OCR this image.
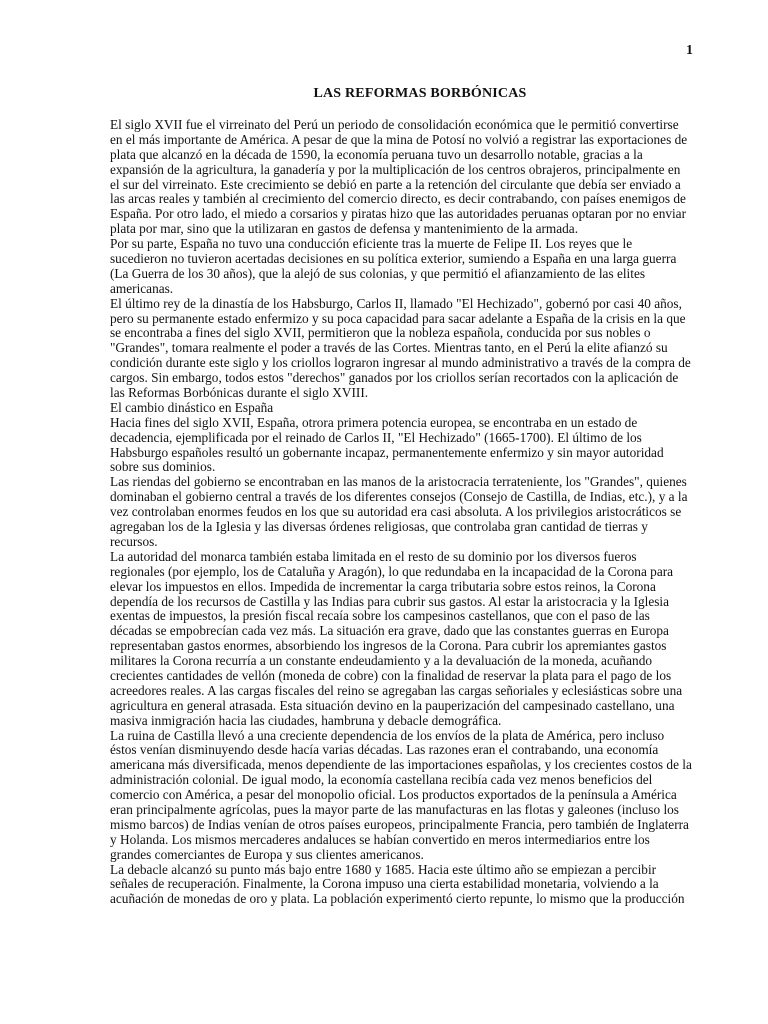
1
LAS REFORMAS BORBÓNICAS
El siglo XVII fue el virreinato del Perú un periodo de consolidación económica que le permitió convertirse
en el más importante de América. A pesar de que la mina de Potosí no volvió a registrar las exportaciones de
plata que alcanzó en la década de 1590, la economía peruana tuvo un desarrollo notable, gracias a la
expansión de la agricultura, la ganadería y por la multiplicación de los centros obrajeros, principalmente en
el sur del virreinato. Este crecimiento se debió en parte a la retención del circulante que debía ser enviado a
las arcas reales y también al crecimiento del comercio directo, es decir contrabando, con países enemigos de
España. Por otro lado, el miedo a corsarios y piratas hizo que las autoridades peruanas optaran por no enviar
plata por mar, sino que la utilizaran en gastos de defensa y mantenimiento de la armada.
Por su parte, España no tuvo una conducción eficiente tras la muerte de Felipe II. Los reyes que le
sucedieron no tuvieron acertadas decisiones en su política exterior, sumiendo a España en una larga guerra
(La Guerra de los 30 años), que la alejó de sus colonias, y que permitió el afianzamiento de las elites
americanas.
El último rey de la dinastía de los Habsburgo, Carlos II, llamado "El Hechizado", gobernó por casi 40 años,
pero su permanente estado enfermizo y su poca capacidad para sacar adelante a España de la crisis en la que
se encontraba a fines del siglo XVII, permitieron que la nobleza española, conducida por sus nobles o
"Grandes", tomara realmente el poder a través de las Cortes. Mientras tanto, en el Perú la elite afianzó su
condición durante este siglo y los criollos lograron ingresar al mundo administrativo a través de la compra de
cargos. Sin embargo, todos estos "derechos" ganados por los criollos serían recortados con la aplicación de
las Reformas Borbónicas durante el siglo XVIII.
El cambio dinástico en España
Hacia fines del siglo XVII, España, otrora primera potencia europea, se encontraba en un estado de
decadencia, ejemplificada por el reinado de Carlos II, "El Hechizado" (1665-1700). El último de los
Habsburgo españoles resultó un gobernante incapaz, permanentemente enfermizo y sin mayor autoridad
sobre sus dominios.
Las riendas del gobierno se encontraban en las manos de la aristocracia terrateniente, los "Grandes", quienes
dominaban el gobierno central a través de los diferentes consejos (Consejo de Castilla, de Indias, etc.), y a la
vez controlaban enormes feudos en los que su autoridad era casi absoluta. A los privilegios aristocráticos se
agregaban los de la Iglesia y las diversas órdenes religiosas, que controlaba gran cantidad de tierras y
recursos.
La autoridad del monarca también estaba limitada en el resto de su dominio por los diversos fueros
regionales (por ejemplo, los de Cataluña y Aragón), lo que redundaba en la incapacidad de la Corona para
elevar los impuestos en ellos. Impedida de incrementar la carga tributaria sobre estos reinos, la Corona
dependía de los recursos de Castilla y las Indias para cubrir sus gastos. Al estar la aristocracia y la Iglesia
exentas de impuestos, la presión fiscal recaía sobre los campesinos castellanos, que con el paso de las
décadas se empobrecían cada vez más. La situación era grave, dado que las constantes guerras en Europa
representaban gastos enormes, absorbiendo los ingresos de la Corona. Para cubrir los apremiantes gastos
militares la Corona recurría a un constante endeudamiento y a la devaluación de la moneda, acuñando
crecientes cantidades de vellón (moneda de cobre) con la finalidad de reservar la plata para el pago de los
acreedores reales. A las cargas fiscales del reino se agregaban las cargas señoriales y eclesiásticas sobre una
agricultura en general atrasada. Esta situación devino en la pauperización del campesinado castellano, una
masiva inmigración hacia las ciudades, hambruna y debacle demográfica.
La ruina de Castilla llevó a una creciente dependencia de los envíos de la plata de América, pero incluso
éstos venían disminuyendo desde hacía varias décadas. Las razones eran el contrabando, una economía
americana más diversificada, menos dependiente de las importaciones españolas, y los crecientes costos de la
administración colonial. De igual modo, la economía castellana recibía cada vez menos beneficios del
comercio con América, a pesar del monopolio oficial. Los productos exportados de la península a América
eran principalmente agrícolas, pues la mayor parte de las manufacturas en las flotas y galeones (incluso los
mismo barcos) de Indias venían de otros países europeos, principalmente Francia, pero también de Inglaterra
y Holanda. Los mismos mercaderes andaluces se habían convertido en meros intermediarios entre los
grandes comerciantes de Europa y sus clientes americanos.
La debacle alcanzó su punto más bajo entre 1680 y 1685. Hacia este último año se empiezan a percibir
señales de recuperación. Finalmente, la Corona impuso una cierta estabilidad monetaria, volviendo a la
acuñación de monedas de oro y plata. La población experimentó cierto repunte, lo mismo que la producción
